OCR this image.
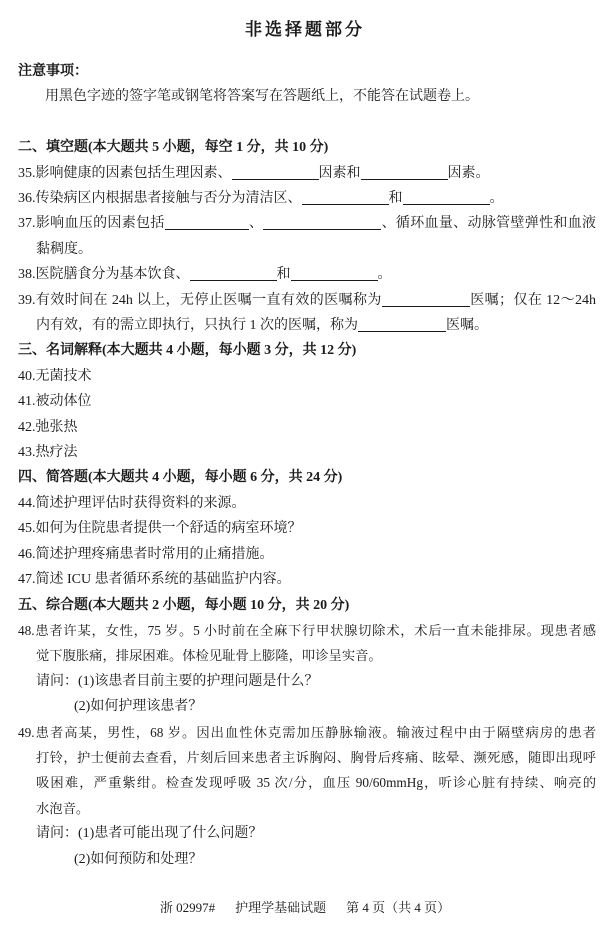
非选择题部分
注意事项：
用黑色字迹的签字笔或钢笔将答案写在答题纸上，不能答在试题卷上。
二、填空题(本大题共 5 小题，每空 1 分，共 10 分)
35.影响健康的因素包括生理因素、	因素和	因素。
36.传染病区内根据患者接触与否分为清洁区、	和	。
37.影响血压的因素包括	、	、循环血量、动脉管壁弹性和血液
黏稠度。
38.医院膳食分为基本饮食、	和	。
39.有效时间在 24h 以上，无停止医嘱一直有效的医嘱称为	医嘱；仅在 12～24h
内有效，有的需立即执行，只执行 1 次的医嘱，称为	医嘱。
三、名词解释(本大题共 4 小题，每小题 3 分，共 12 分)
40.无菌技术
41.被动体位
42.弛张热
43.热疗法
四、简答题(本大题共 4 小题，每小题 6 分，共 24 分)
44.简述护理评估时获得资料的来源。
45.如何为住院患者提供一个舒适的病室环境？
46.简述护理疼痛患者时常用的止痛措施。
47.简述 ICU 患者循环系统的基础监护内容。
五、综合题(本大题共 2 小题，每小题 10 分，共 20 分)
48.患者许某，女性，75 岁。5 小时前在全麻下行甲状腺切除术，术后一直未能排尿。现患者感
觉下腹胀痛，排尿困难。体检见耻骨上膨隆，叩诊呈实音。
请问：(1)该患者目前主要的护理问题是什么？
(2)如何护理该患者？
49.患者高某，男性，68 岁。因出血性休克需加压静脉输液。输液过程中由于隔壁病房的患者
打铃，护士便前去查看，片刻后回来患者主诉胸闷、胸骨后疼痛、眩晕、濒死感，随即出现呼
吸困难，严重紫绀。检查发现呼吸 35 次/分，血压 90/60mmHg，听诊心脏有持续、响亮的
水泡音。
请问：(1)患者可能出现了什么问题？
(2)如何预防和处理？
浙 02997# 护理学基础试题 第 4 页（共 4 页）
